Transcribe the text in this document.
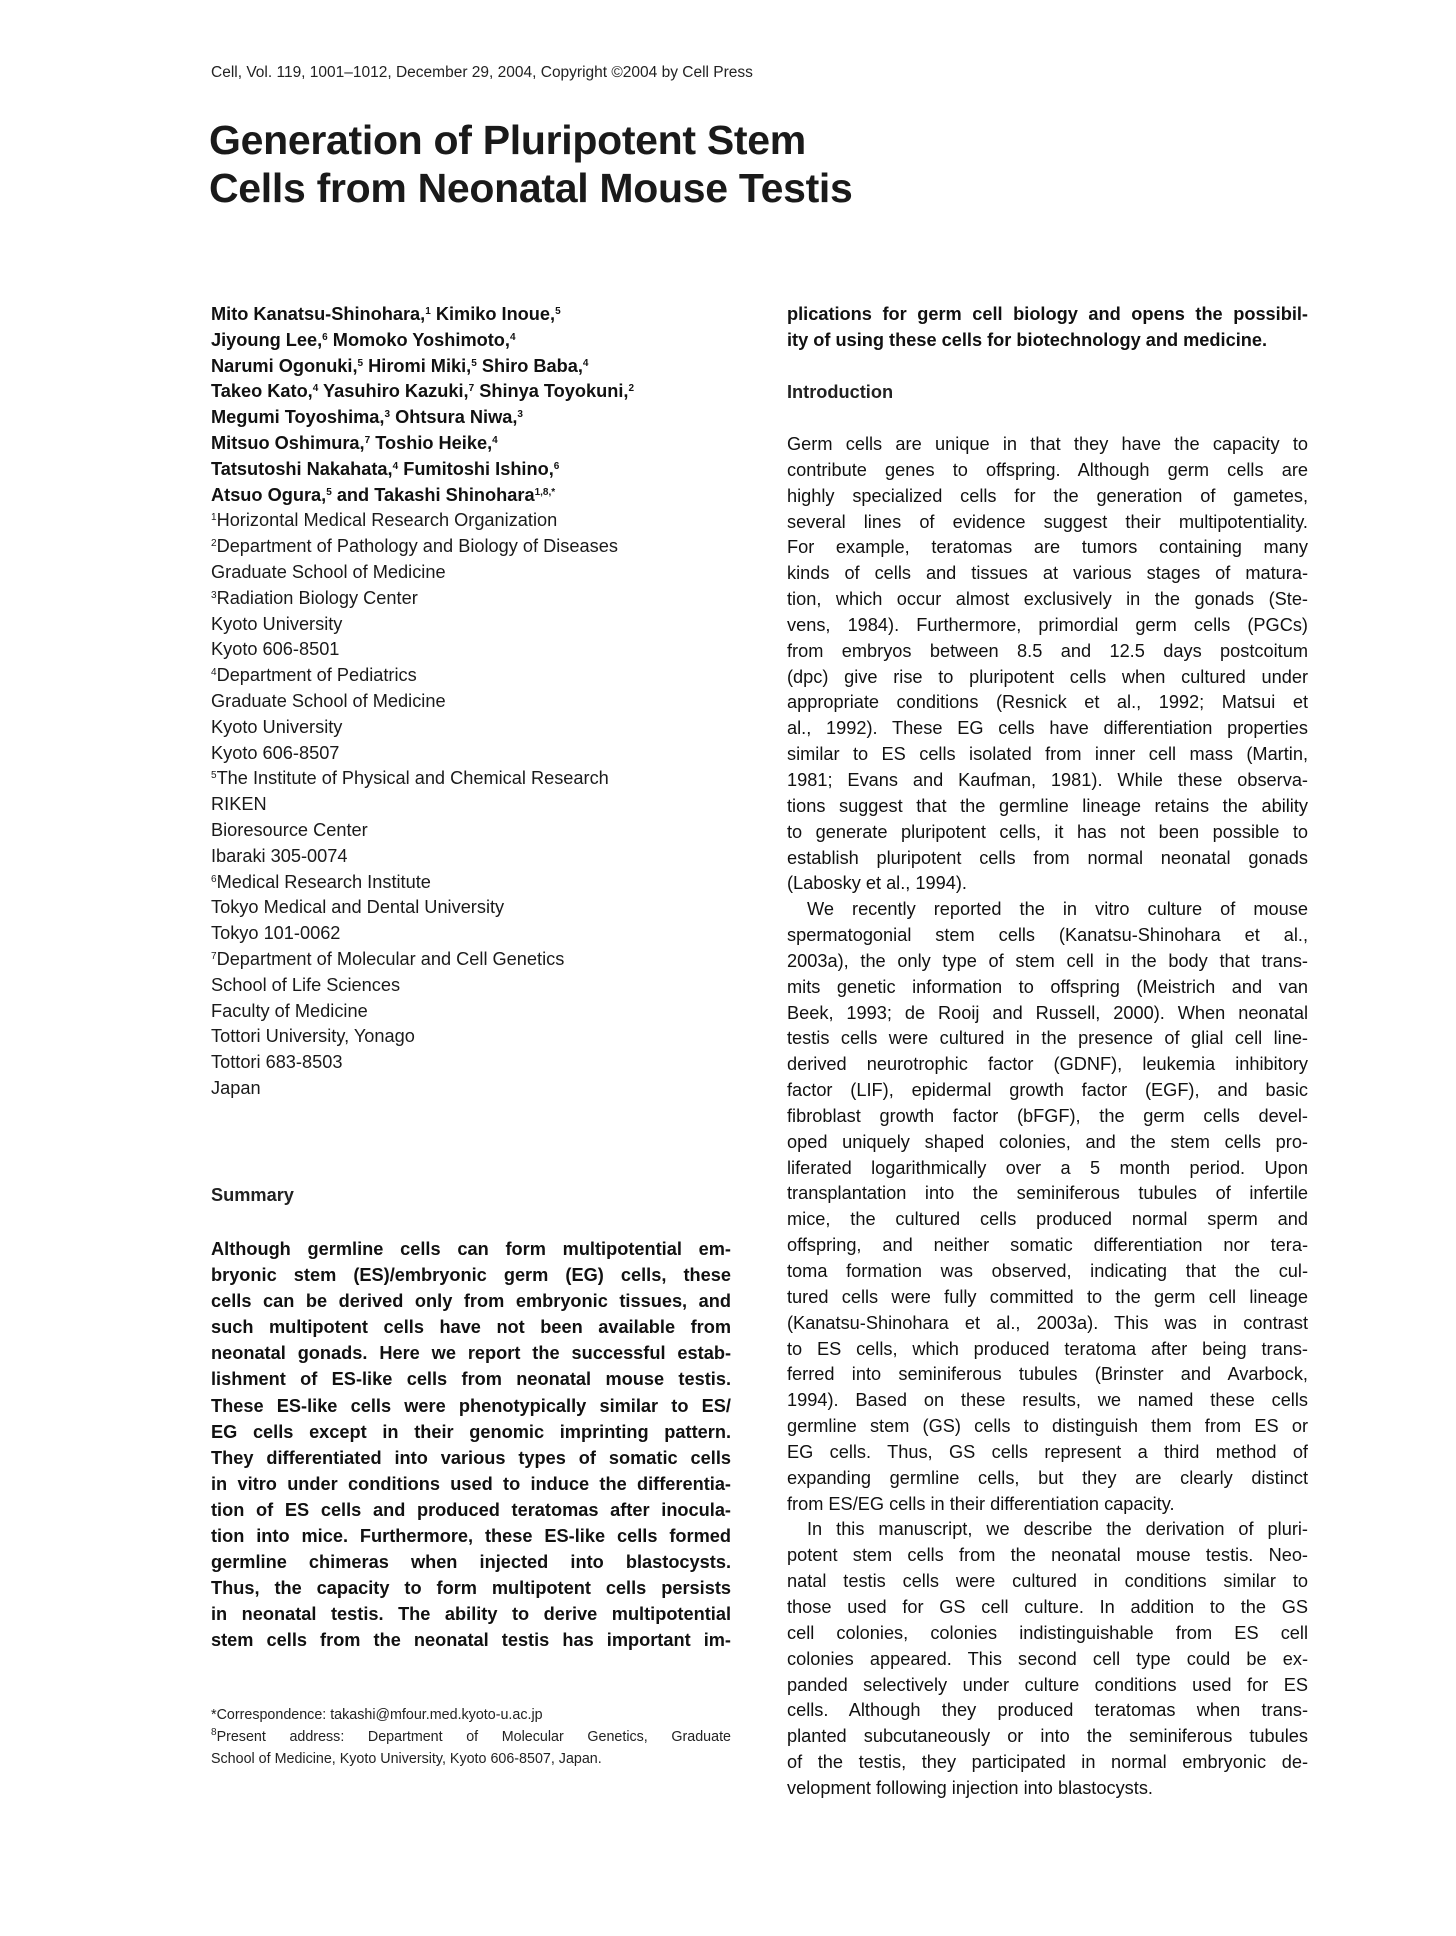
Cell, Vol. 119, 1001–1012, December 29, 2004, Copyright ©2004 by Cell Press
Generation of Pluripotent Stem
Cells from Neonatal Mouse Testis
Mito Kanatsu-Shinohara,$^1$ Kimiko Inoue,$^5$
Jiyoung Lee,$^6$ Momoko Yoshimoto,$^4$
Narumi Ogonuki,$^5$ Hiromi Miki,$^5$ Shiro Baba,$^4$
Takeo Kato,$^4$ Yasuhiro Kazuki,$^7$ Shinya Toyokuni,$^2$
Megumi Toyoshima,$^3$ Ohtsura Niwa,$^3$
Mitsuo Oshimura,$^7$ Toshio Heike,$^4$
Tatsutoshi Nakahata,$^4$ Fumitoshi Ishino,$^6$
Atsuo Ogura,$^5$ and Takashi Shinohara$^{1,8,*}$
$^1$Horizontal Medical Research Organization
$^2$Department of Pathology and Biology of Diseases
Graduate School of Medicine
$^3$Radiation Biology Center
Kyoto University
Kyoto 606-8501
$^4$Department of Pediatrics
Graduate School of Medicine
Kyoto University
Kyoto 606-8507
$^5$The Institute of Physical and Chemical Research
RIKEN
Bioresource Center
Ibaraki 305-0074
$^6$Medical Research Institute
Tokyo Medical and Dental University
Tokyo 101-0062
$^7$Department of Molecular and Cell Genetics
School of Life Sciences
Faculty of Medicine
Tottori University, Yonago
Tottori 683-8503
Japan
Summary
Although germline cells can form multipotential em-
bryonic stem (ES)/embryonic germ (EG) cells, these
cells can be derived only from embryonic tissues, and
such multipotent cells have not been available from
neonatal gonads. Here we report the successful estab-
lishment of ES-like cells from neonatal mouse testis.
These ES-like cells were phenotypically similar to ES/
EG cells except in their genomic imprinting pattern.
They differentiated into various types of somatic cells
in vitro under conditions used to induce the differentia-
tion of ES cells and produced teratomas after inocula-
tion into mice. Furthermore, these ES-like cells formed
germline chimeras when injected into blastocysts.
Thus, the capacity to form multipotent cells persists
in neonatal testis. The ability to derive multipotential
stem cells from the neonatal testis has important im-
*Correspondence: takashi@mfour.med.kyoto-u.ac.jp
$^8$Present address: Department of Molecular Genetics, Graduate
School of Medicine, Kyoto University, Kyoto 606-8507, Japan.
plications for germ cell biology and opens the possibil-
ity of using these cells for biotechnology and medicine.
Introduction
Germ cells are unique in that they have the capacity to
contribute genes to offspring. Although germ cells are
highly specialized cells for the generation of gametes,
several lines of evidence suggest their multipotentiality.
For example, teratomas are tumors containing many
kinds of cells and tissues at various stages of matura-
tion, which occur almost exclusively in the gonads (Ste-
vens, 1984). Furthermore, primordial germ cells (PGCs)
from embryos between 8.5 and 12.5 days postcoitum
(dpc) give rise to pluripotent cells when cultured under
appropriate conditions (Resnick et al., 1992; Matsui et
al., 1992). These EG cells have differentiation properties
similar to ES cells isolated from inner cell mass (Martin,
1981; Evans and Kaufman, 1981). While these observa-
tions suggest that the germline lineage retains the ability
to generate pluripotent cells, it has not been possible to
establish pluripotent cells from normal neonatal gonads
(Labosky et al., 1994).
We recently reported the in vitro culture of mouse
spermatogonial stem cells (Kanatsu-Shinohara et al.,
2003a), the only type of stem cell in the body that trans-
mits genetic information to offspring (Meistrich and van
Beek, 1993; de Rooij and Russell, 2000). When neonatal
testis cells were cultured in the presence of glial cell line-
derived neurotrophic factor (GDNF), leukemia inhibitory
factor (LIF), epidermal growth factor (EGF), and basic
fibroblast growth factor (bFGF), the germ cells devel-
oped uniquely shaped colonies, and the stem cells pro-
liferated logarithmically over a 5 month period. Upon
transplantation into the seminiferous tubules of infertile
mice, the cultured cells produced normal sperm and
offspring, and neither somatic differentiation nor tera-
toma formation was observed, indicating that the cul-
tured cells were fully committed to the germ cell lineage
(Kanatsu-Shinohara et al., 2003a). This was in contrast
to ES cells, which produced teratoma after being trans-
ferred into seminiferous tubules (Brinster and Avarbock,
1994). Based on these results, we named these cells
germline stem (GS) cells to distinguish them from ES or
EG cells. Thus, GS cells represent a third method of
expanding germline cells, but they are clearly distinct
from ES/EG cells in their differentiation capacity.
In this manuscript, we describe the derivation of pluri-
potent stem cells from the neonatal mouse testis. Neo-
natal testis cells were cultured in conditions similar to
those used for GS cell culture. In addition to the GS
cell colonies, colonies indistinguishable from ES cell
colonies appeared. This second cell type could be ex-
panded selectively under culture conditions used for ES
cells. Although they produced teratomas when trans-
planted subcutaneously or into the seminiferous tubules
of the testis, they participated in normal embryonic de-
velopment following injection into blastocysts.
